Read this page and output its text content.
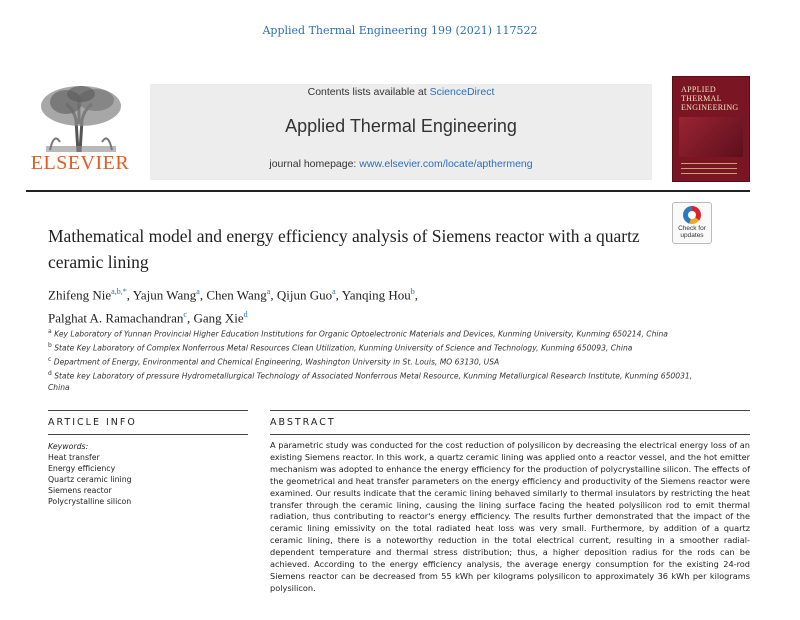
Applied Thermal Engineering 199 (2021) 117522
ELSEVIER
Contents lists available at ScienceDirect
Applied Thermal Engineering
journal homepage: www.elsevier.com/locate/apthermeng
APPLIED
THERMAL
ENGINEERING
Check for
updates
Mathematical model and energy efficiency analysis of Siemens reactor with a quartz ceramic lining
Zhifeng Nie$^{a,b,*}$, Yajun Wang$^a$, Chen Wang$^a$, Qijun Guo$^a$, Yanqing Hou$^b$,
Palghat A. Ramachandran$^c$, Gang Xie$^d$
$^a$ Key Laboratory of Yunnan Provincial Higher Education Institutions for Organic Optoelectronic Materials and Devices, Kunming University, Kunming 650214, China
$^b$ State Key Laboratory of Complex Nonferrous Metal Resources Clean Utilization, Kunming University of Science and Technology, Kunming 650093, China
$^c$ Department of Energy, Environmental and Chemical Engineering, Washington University in St. Louis, MO 63130, USA
$^d$ State key Laboratory of pressure Hydrometallurgical Technology of Associated Nonferrous Metal Resource, Kunming Metallurgical Research Institute, Kunming 650031, China
ARTICLE INFO
Keywords:
Heat transfer
Energy efficiency
Quartz ceramic lining
Siemens reactor
Polycrystalline silicon
ABSTRACT
A parametric study was conducted for the cost reduction of polysilicon by decreasing the electrical energy loss of an existing Siemens reactor. In this work, a quartz ceramic lining was applied onto a reactor vessel, and the hot emitter mechanism was adopted to enhance the energy efficiency for the production of polycrystalline silicon. The effects of the geometrical and heat transfer parameters on the energy efficiency and productivity of the Siemens reactor were examined. Our results indicate that the ceramic lining behaved similarly to thermal insulators by restricting the heat transfer through the ceramic lining, causing the lining surface facing the heated polysilicon rod to emit thermal radiation, thus contributing to reactor's energy efficiency. The results further demonstrated that the impact of the ceramic lining emissivity on the total radiated heat loss was very small. Furthermore, by addition of a quartz ceramic lining, there is a noteworthy reduction in the total electrical current, resulting in a smoother radial-dependent temperature and thermal stress distribution; thus, a higher deposition radius for the rods can be achieved. According to the energy efficiency analysis, the average energy consumption for the existing 24-rod Siemens reactor can be decreased from 55 kWh per kilograms polysilicon to approximately 36 kWh per kilograms polysilicon.
